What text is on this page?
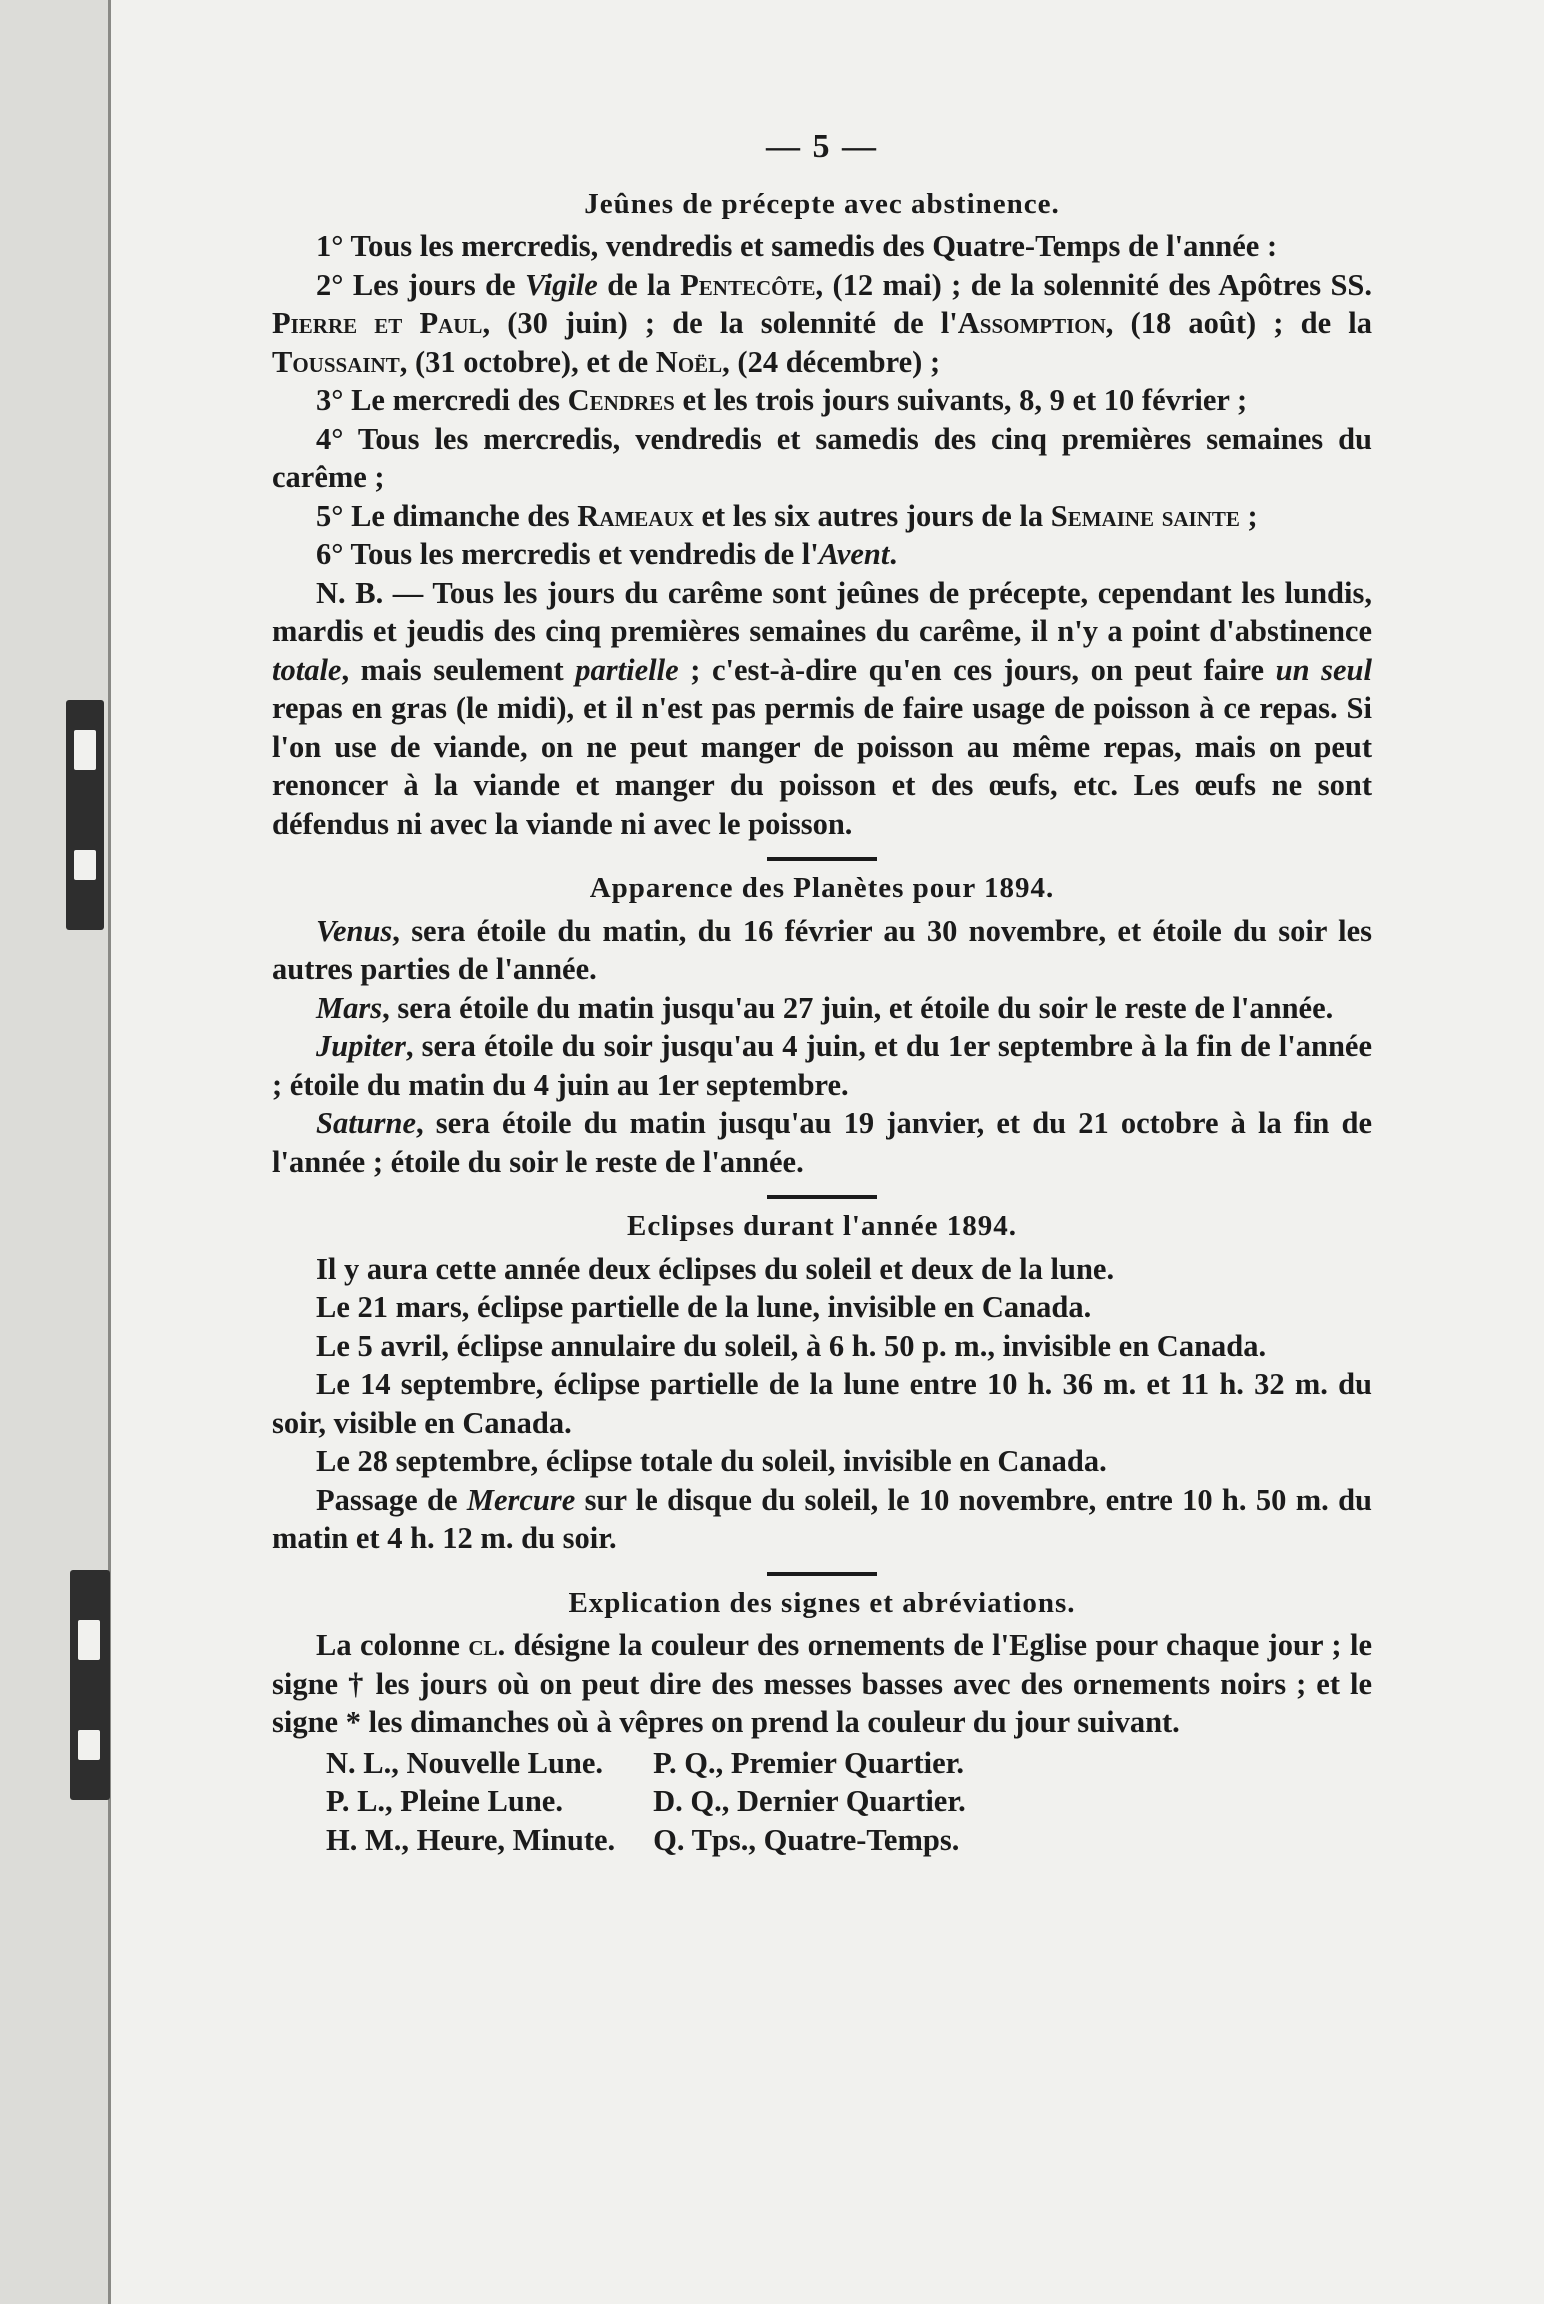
— 5 —
Jeûnes de précepte avec abstinence.

1° Tous les mercredis, vendredis et samedis des Quatre-Temps de l'année :

2° Les jours de Vigile de la Pentecôte, (12 mai) ; de la solennité des Apôtres SS. Pierre et Paul, (30 juin) ; de la solennité de l'Assomption, (18 août) ; de la Toussaint, (31 octobre), et de Noël, (24 décembre) ;

3° Le mercredi des Cendres et les trois jours suivants, 8, 9 et 10 février ;

4° Tous les mercredis, vendredis et samedis des cinq premières semaines du carême ;

5° Le dimanche des Rameaux et les six autres jours de la Semaine sainte ;

6° Tous les mercredis et vendredis de l'Avent.

N. B. — Tous les jours du carême sont jeûnes de précepte, cependant les lundis, mardis et jeudis des cinq premières semaines du carême, il n'y a point d'abstinence totale, mais seulement partielle ; c'est-à-dire qu'en ces jours, on peut faire un seul repas en gras (le midi), et il n'est pas permis de faire usage de poisson à ce repas. Si l'on use de viande, on ne peut manger de poisson au même repas, mais on peut renoncer à la viande et manger du poisson et des œufs, etc. Les œufs ne sont défendus ni avec la viande ni avec le poisson.

Apparence des Planètes pour 1894.

Venus, sera étoile du matin, du 16 février au 30 novembre, et étoile du soir les autres parties de l'année.

Mars, sera étoile du matin jusqu'au 27 juin, et étoile du soir le reste de l'année.

Jupiter, sera étoile du soir jusqu'au 4 juin, et du 1er septembre à la fin de l'année ; étoile du matin du 4 juin au 1er septembre.

Saturne, sera étoile du matin jusqu'au 19 janvier, et du 21 octobre à la fin de l'année ; étoile du soir le reste de l'année.

Eclipses durant l'année 1894.

Il y aura cette année deux éclipses du soleil et deux de la lune.

Le 21 mars, éclipse partielle de la lune, invisible en Canada.

Le 5 avril, éclipse annulaire du soleil, à 6 h. 50 p. m., invisible en Canada.

Le 14 septembre, éclipse partielle de la lune entre 10 h. 36 m. et 11 h. 32 m. du soir, visible en Canada.

Le 28 septembre, éclipse totale du soleil, invisible en Canada.

Passage de Mercure sur le disque du soleil, le 10 novembre, entre 10 h. 50 m. du matin et 4 h. 12 m. du soir.

Explication des signes et abréviations.

La colonne cl. désigne la couleur des ornements de l'Eglise pour chaque jour ; le signe † les jours où on peut dire des messes basses avec des ornements noirs ; et le signe * les dimanches où à vêpres on prend la couleur du jour suivant.

N. L., Nouvelle Lune.	P. Q., Premier Quartier.
P. L., Pleine Lune.	D. Q., Dernier Quartier.
H. M., Heure, Minute.	Q. Tps., Quatre-Temps.
